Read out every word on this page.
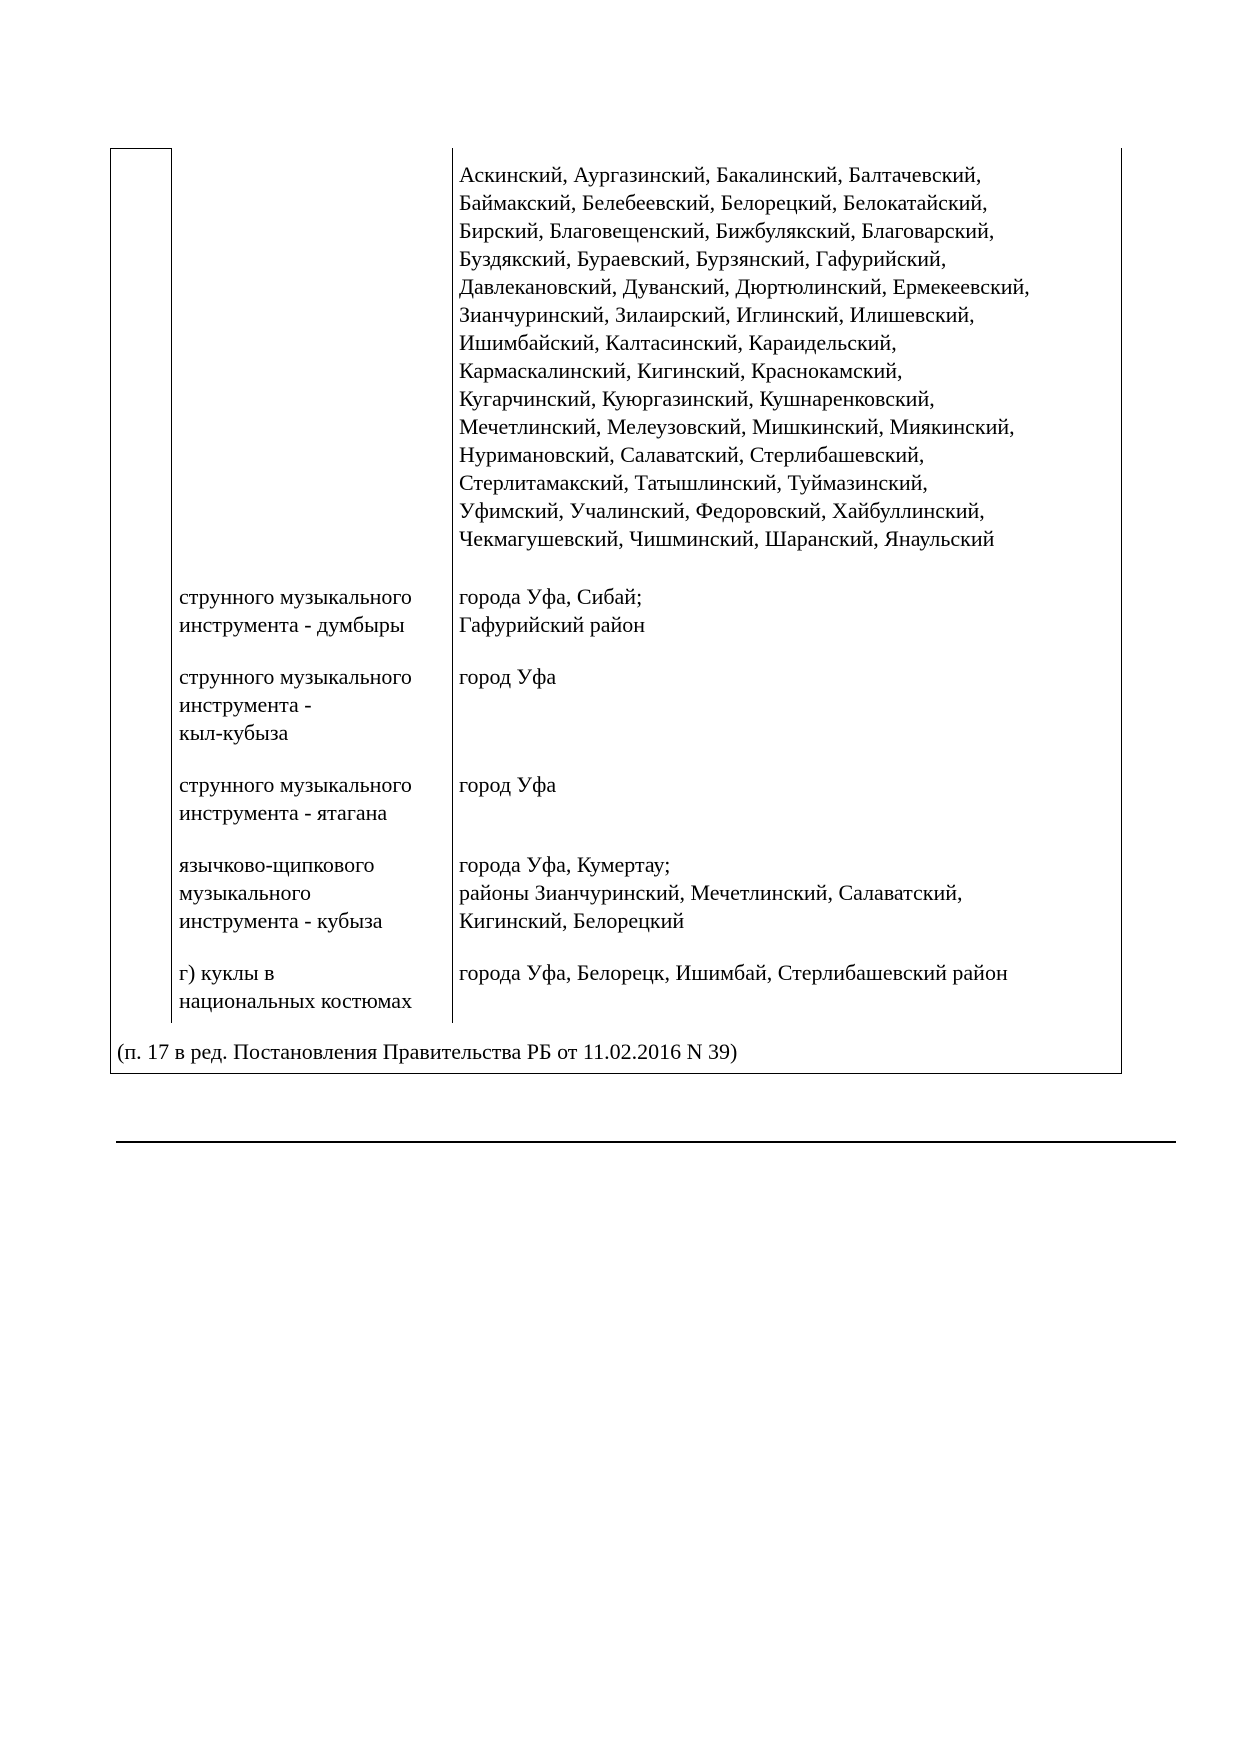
Аскинский, Аургазинский, Бакалинский, Балтачевский,
Баймакский, Белебеевский, Белорецкий, Белокатайский,
Бирский, Благовещенский, Бижбулякский, Благоварский,
Буздякский, Бураевский, Бурзянский, Гафурийский,
Давлекановский, Дуванский, Дюртюлинский, Ермекеевский,
Зианчуринский, Зилаирский, Иглинский, Илишевский,
Ишимбайский, Калтасинский, Караидельский,
Кармаскалинский, Кигинский, Краснокамский,
Кугарчинский, Куюргазинский, Кушнаренковский,
Мечетлинский, Мелеузовский, Мишкинский, Миякинский,
Нуримановский, Салаватский, Стерлибашевский,
Стерлитамакский, Татышлинский, Туймазинский,
Уфимский, Учалинский, Федоровский, Хайбуллинский,
Чекмагушевский, Чишминский, Шаранский, Янаульский
струнного музыкального
инструмента - думбыры
города Уфа, Сибай;
Гафурийский район
струнного музыкального
инструмента -
кыл-кубыза
город Уфа
струнного музыкального
инструмента - ятагана
город Уфа
язычково-щипкового
музыкального
инструмента - кубыза
города Уфа, Кумертау;
районы Зианчуринский, Мечетлинский, Салаватский,
Кигинский, Белорецкий
г) куклы в
национальных костюмах
города Уфа, Белорецк, Ишимбай, Стерлибашевский район
(п. 17 в ред. Постановления Правительства РБ от 11.02.2016 N 39)
